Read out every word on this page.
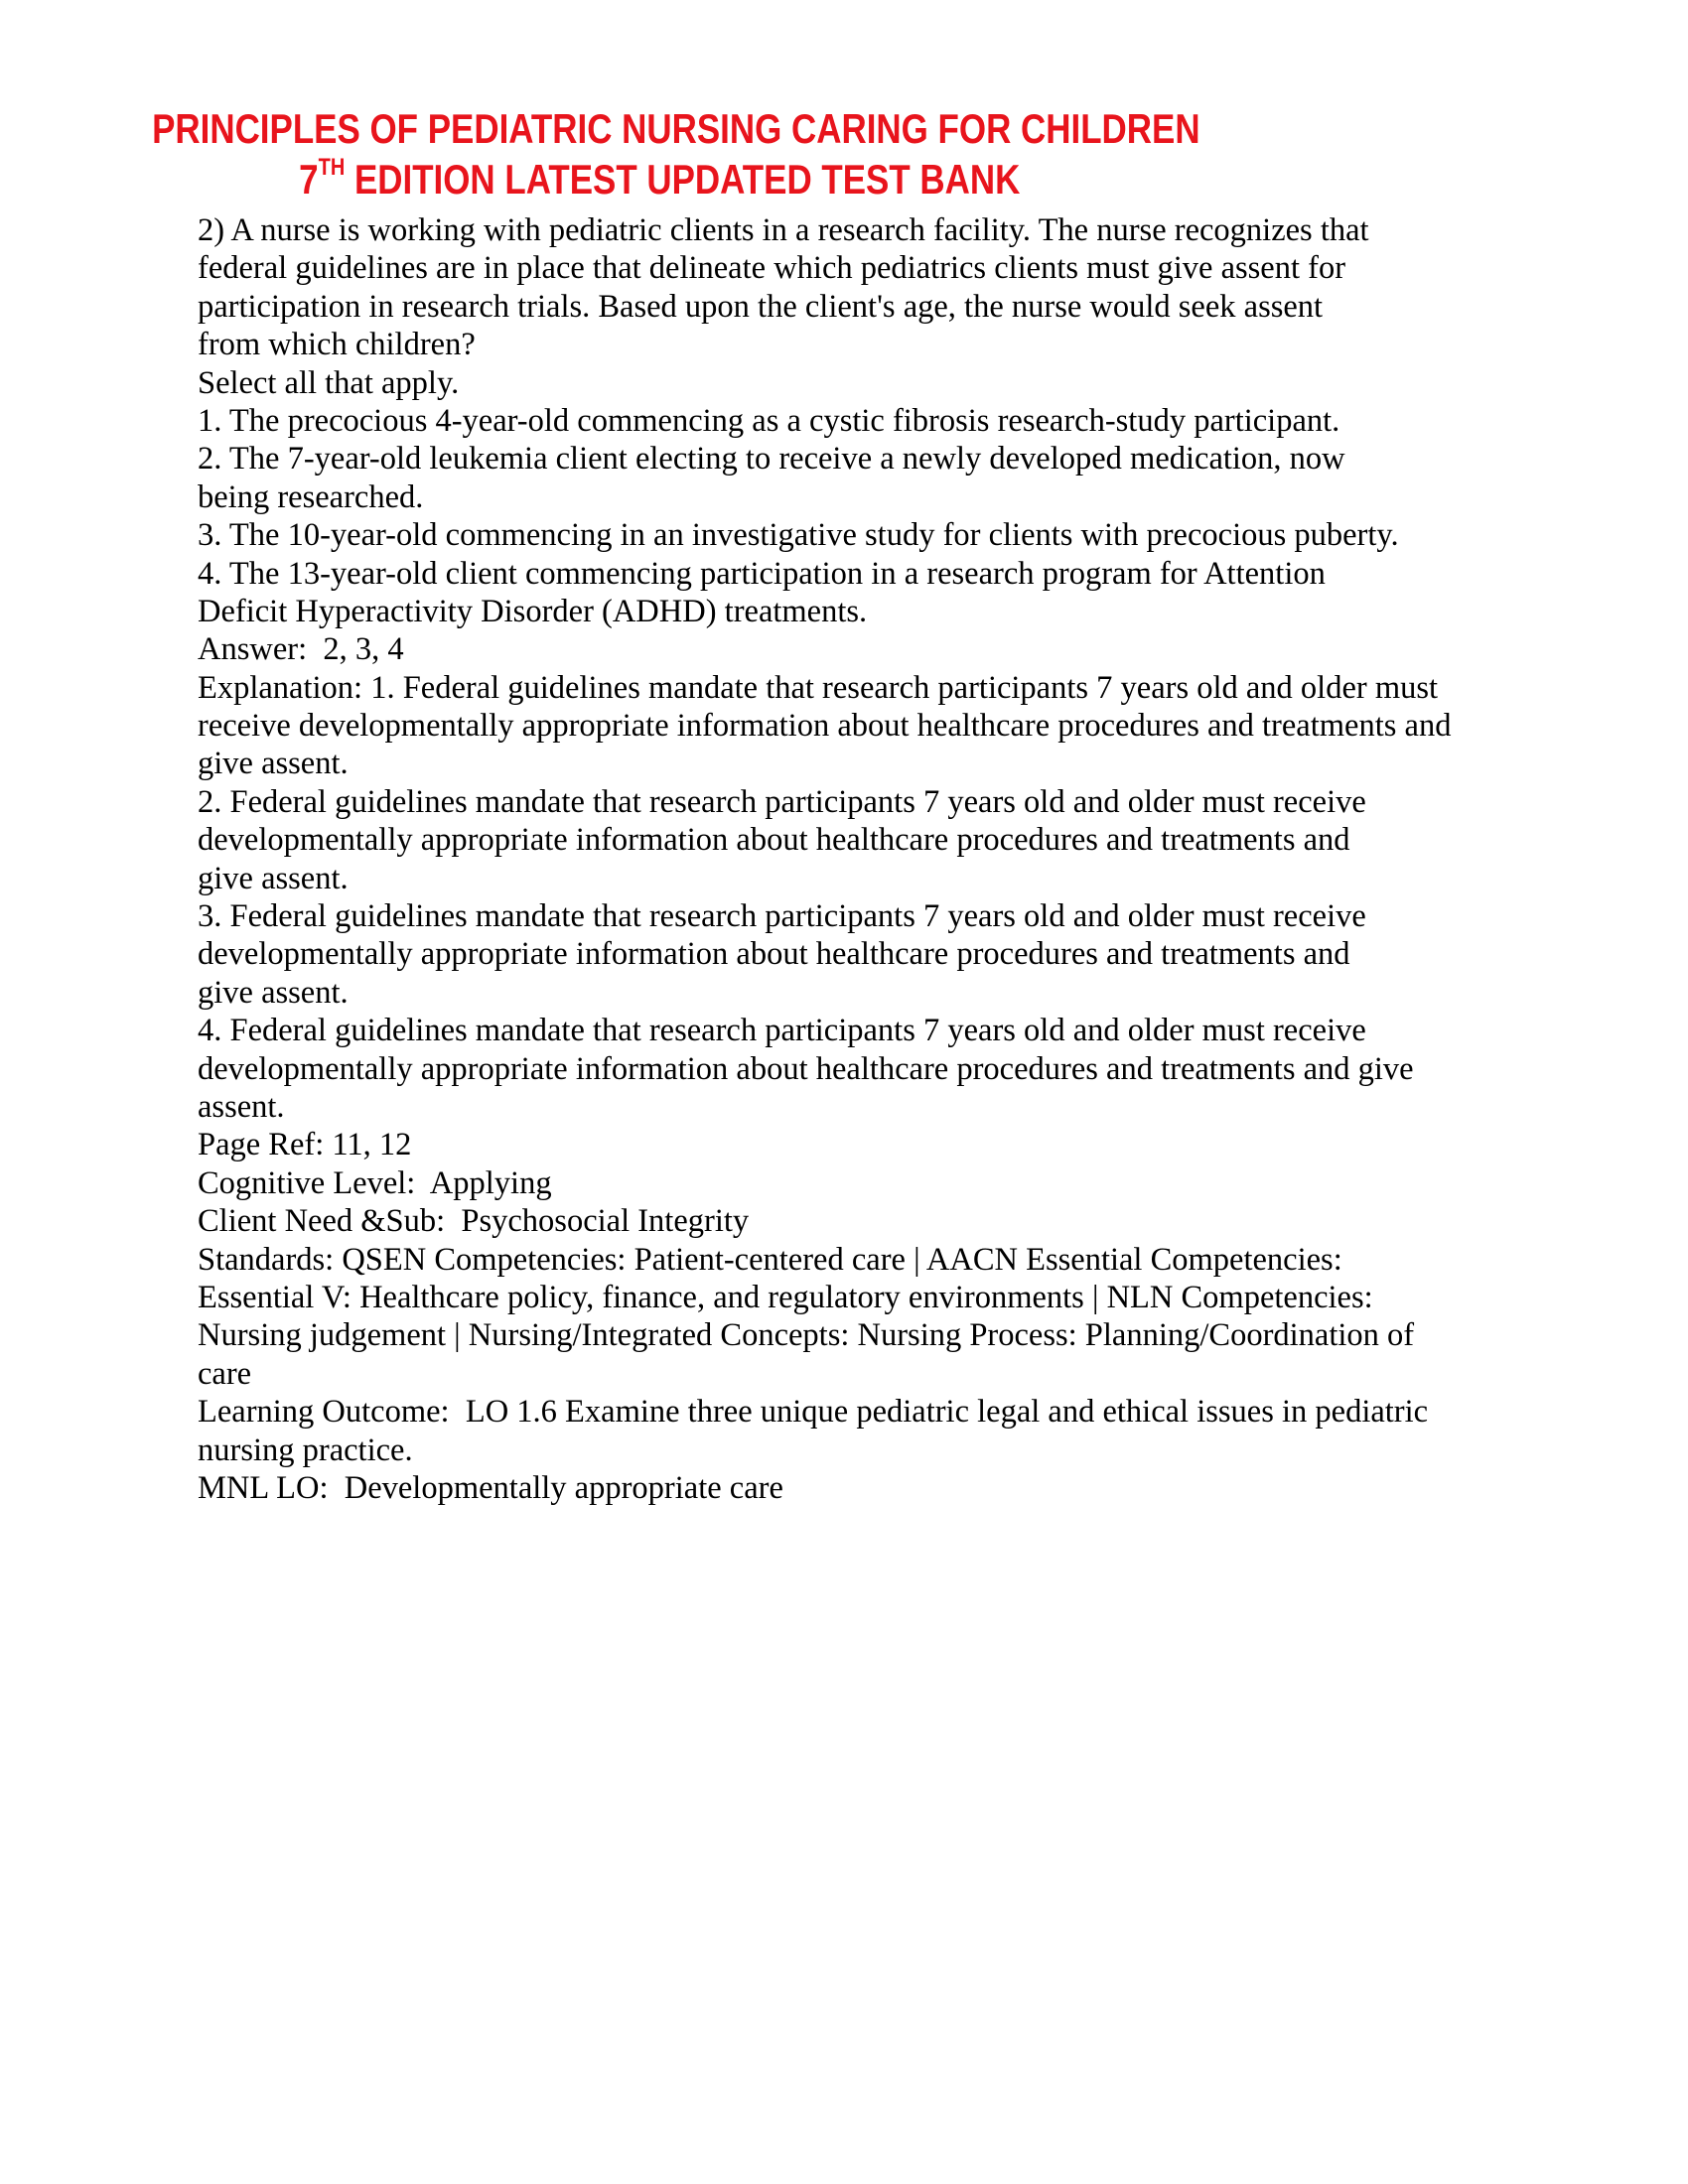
PRINCIPLES OF PEDIATRIC NURSING CARING FOR CHILDREN
7TH EDITION LATEST UPDATED TEST BANK
2) A nurse is working with pediatric clients in a research facility. The nurse recognizes that
federal guidelines are in place that delineate which pediatrics clients must give assent for
participation in research trials. Based upon the client's age, the nurse would seek assent
from which children?
Select all that apply.
1. The precocious 4-year-old commencing as a cystic fibrosis research-study participant.
2. The 7-year-old leukemia client electing to receive a newly developed medication, now
being researched.
3. The 10-year-old commencing in an investigative study for clients with precocious puberty.
4. The 13-year-old client commencing participation in a research program for Attention
Deficit Hyperactivity Disorder (ADHD) treatments.
Answer:  2, 3, 4
Explanation: 1. Federal guidelines mandate that research participants 7 years old and older must
receive developmentally appropriate information about healthcare procedures and treatments and
give assent.
2. Federal guidelines mandate that research participants 7 years old and older must receive
developmentally appropriate information about healthcare procedures and treatments and
give assent.
3. Federal guidelines mandate that research participants 7 years old and older must receive
developmentally appropriate information about healthcare procedures and treatments and
give assent.
4. Federal guidelines mandate that research participants 7 years old and older must receive
developmentally appropriate information about healthcare procedures and treatments and give
assent.
Page Ref: 11, 12
Cognitive Level:  Applying
Client Need &Sub:  Psychosocial Integrity
Standards: QSEN Competencies: Patient-centered care | AACN Essential Competencies:
Essential V: Healthcare policy, finance, and regulatory environments | NLN Competencies:
Nursing judgement | Nursing/Integrated Concepts: Nursing Process: Planning/Coordination of
care
Learning Outcome:  LO 1.6 Examine three unique pediatric legal and ethical issues in pediatric
nursing practice.
MNL LO:  Developmentally appropriate care
